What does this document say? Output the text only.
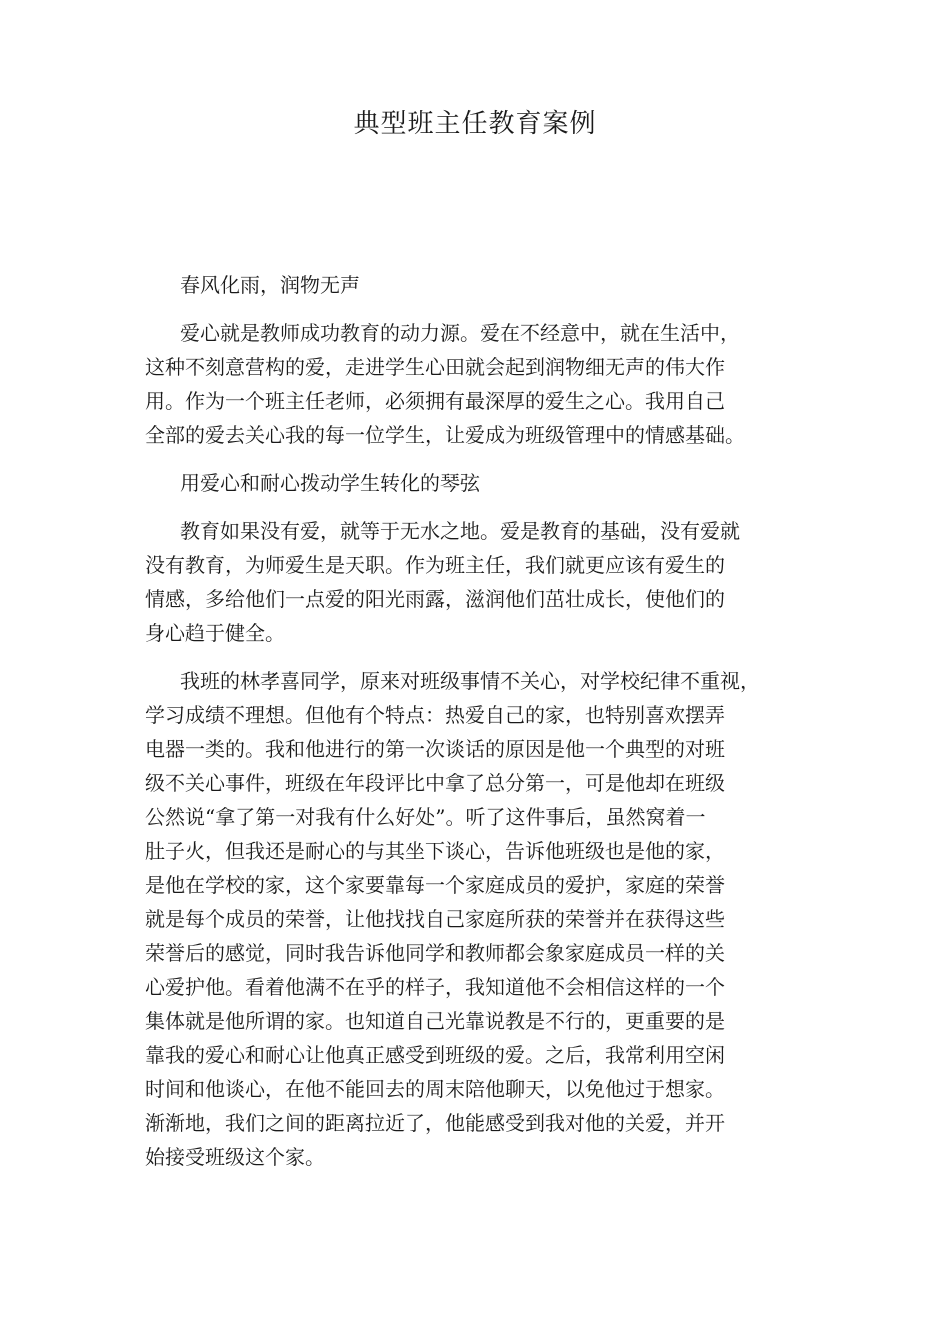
典型班主任教育案例

春风化雨，润物无声

爱心就是教师成功教育的动力源。爱在不经意中，就在生活中，
这种不刻意营构的爱，走进学生心田就会起到润物细无声的伟大作
用。作为一个班主任老师，必须拥有最深厚的爱生之心。我用自己
全部的爱去关心我的每一位学生，让爱成为班级管理中的情感基础。

用爱心和耐心拨动学生转化的琴弦

教育如果没有爱，就等于无水之地。爱是教育的基础，没有爱就
没有教育，为师爱生是天职。作为班主任，我们就更应该有爱生的
情感，多给他们一点爱的阳光雨露，滋润他们茁壮成长，使他们的
身心趋于健全。

我班的林孝喜同学，原来对班级事情不关心，对学校纪律不重视，
学习成绩不理想。但他有个特点：热爱自己的家，也特别喜欢摆弄
电器一类的。我和他进行的第一次谈话的原因是他一个典型的对班
级不关心事件，班级在年段评比中拿了总分第一，可是他却在班级
公然说“拿了第一对我有什么好处”。听了这件事后，虽然窝着一
肚子火，但我还是耐心的与其坐下谈心，告诉他班级也是他的家，
是他在学校的家，这个家要靠每一个家庭成员的爱护，家庭的荣誉
就是每个成员的荣誉，让他找找自己家庭所获的荣誉并在获得这些
荣誉后的感觉，同时我告诉他同学和教师都会象家庭成员一样的关
心爱护他。看着他满不在乎的样子，我知道他不会相信这样的一个
集体就是他所谓的家。也知道自己光靠说教是不行的，更重要的是
靠我的爱心和耐心让他真正感受到班级的爱。之后，我常利用空闲
时间和他谈心，在他不能回去的周末陪他聊天，以免他过于想家。
渐渐地，我们之间的距离拉近了，他能感受到我对他的关爱，并开
始接受班级这个家。
